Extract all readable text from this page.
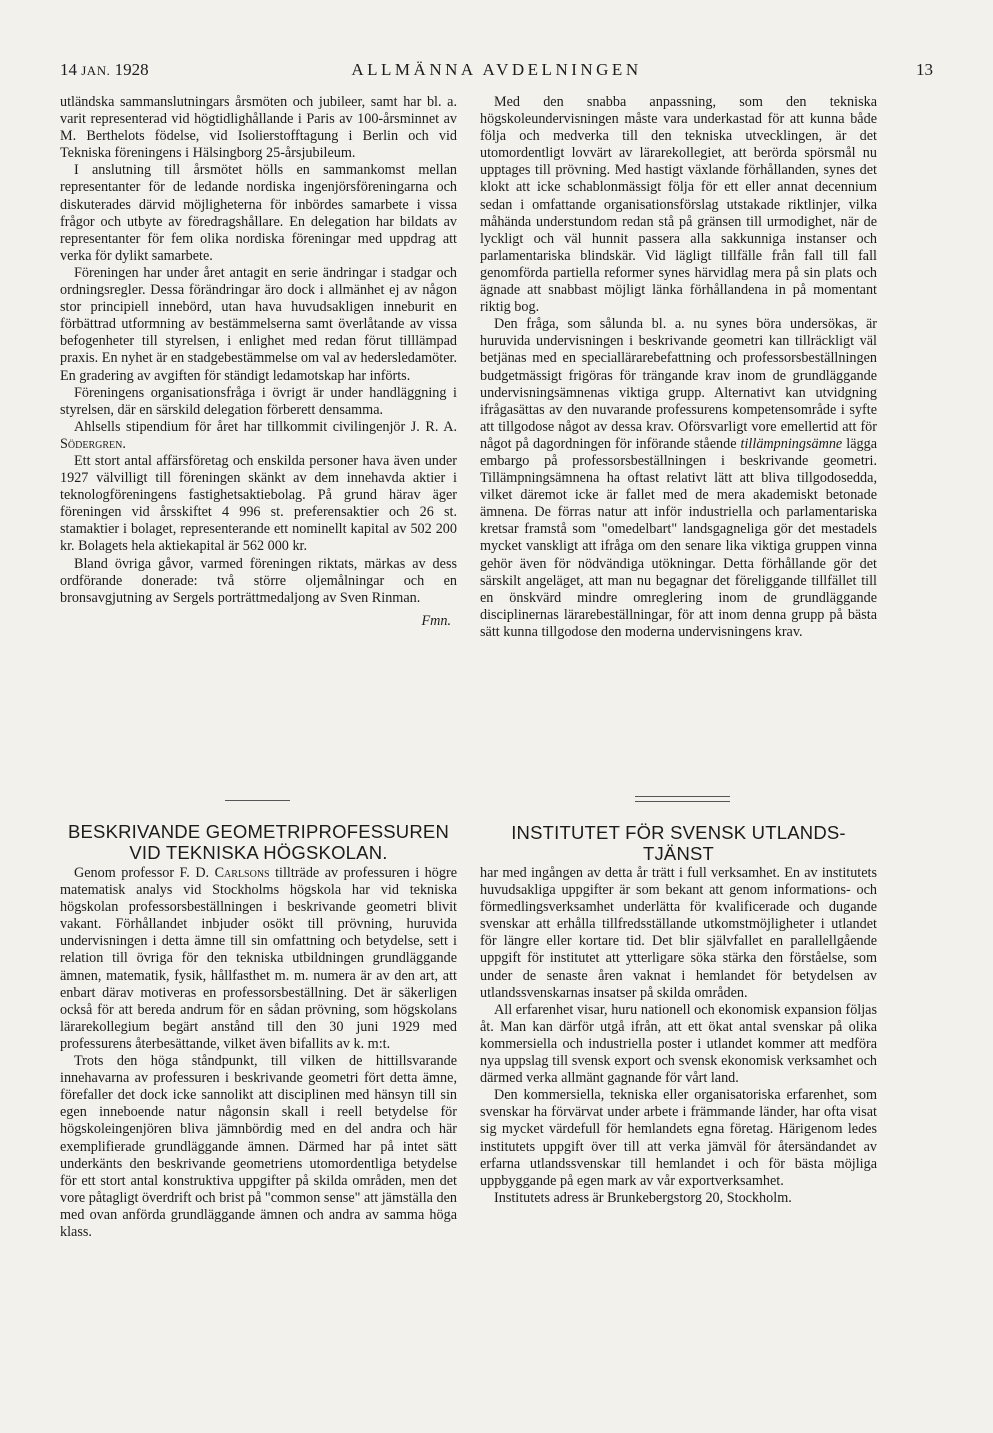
14 JAN. 1928	ALLMÄNNA AVDELNINGEN	13

utländska sammanslutningars årsmöten och jubileer, samt har bl. a. varit representerad vid högtidlighållande i Paris av 100-årsminnet av M. Berthelots födelse, vid Isolierstofftagung i Berlin och vid Tekniska föreningens i Hälsingborg 25-årsjubileum.

I anslutning till årsmötet hölls en sammankomst mellan representanter för de ledande nordiska ingenjörsföreningarna och diskuterades därvid möjligheterna för inbördes samarbete i vissa frågor och utbyte av föredragshållare. En delegation har bildats av representanter för fem olika nordiska föreningar med uppdrag att verka för dylikt samarbete.

Föreningen har under året antagit en serie ändringar i stadgar och ordningsregler. Dessa förändringar äro dock i allmänhet ej av någon stor principiell innebörd, utan hava huvudsakligen inneburit en förbättrad utformning av bestämmelserna samt överlåtande av vissa befogenheter till styrelsen, i enlighet med redan förut tilllämpad praxis. En nyhet är en stadgebestämmelse om val av hedersledamöter. En gradering av avgiften för ständigt ledamotskap har införts.

Föreningens organisationsfråga i övrigt är under handläggning i styrelsen, där en särskild delegation förberett densamma.

Ahlsells stipendium för året har tillkommit civilingenjör J. R. A. Södergren.

Ett stort antal affärsföretag och enskilda personer hava även under 1927 välvilligt till föreningen skänkt av dem innehavda aktier i teknologföreningens fastighetsaktiebolag. På grund härav äger föreningen vid årsskiftet 4 996 st. preferensaktier och 26 st. stamaktier i bolaget, representerande ett nominellt kapital av 502 200 kr. Bolagets hela aktiekapital är 562 000 kr.

Bland övriga gåvor, varmed föreningen riktats, märkas av dess ordförande donerade: två större oljemålningar och en bronsavgjutning av Sergels porträttmedaljong av Sven Rinman.

Fmn.

Med den snabba anpassning, som den tekniska högskoleundervisningen måste vara underkastad för att kunna både följa och medverka till den tekniska utvecklingen, är det utomordentligt lovvärt av lärarekollegiet, att berörda spörsmål nu upptages till prövning. Med hastigt växlande förhållanden, synes det klokt att icke schablonmässigt följa för ett eller annat decennium sedan i omfattande organisationsförslag utstakade riktlinjer, vilka måhända understundom redan stå på gränsen till urmodighet, när de lyckligt och väl hunnit passera alla sakkunniga instanser och parlamentariska blindskär. Vid lägligt tillfälle från fall till fall genomförda partiella reformer synes härvidlag mera på sin plats och ägnade att snabbast möjligt länka förhållandena in på momentant riktig bog.

Den fråga, som sålunda bl. a. nu synes böra undersökas, är huruvida undervisningen i beskrivande geometri kan tillräckligt väl betjänas med en speciallärarebefattning och professorsbeställningen budgetmässigt frigöras för trängande krav inom de grundläggande undervisningsämnenas viktiga grupp. Alternativt kan utvidgning ifrågasättas av den nuvarande professurens kompetensområde i syfte att tillgodose något av dessa krav. Oförsvarligt vore emellertid att för något på dagordningen för införande stående tillämpningsämne lägga embargo på professorsbeställningen i beskrivande geometri. Tillämpningsämnena ha oftast relativt lätt att bliva tillgodosedda, vilket däremot icke är fallet med de mera akademiskt betonade ämnena. De förras natur att inför industriella och parlamentariska kretsar framstå som "omedelbart" landsgagneliga gör det mestadels mycket vanskligt att ifråga om den senare lika viktiga gruppen vinna gehör även för nödvändiga utökningar. Detta förhållande gör det särskilt angeläget, att man nu begagnar det föreliggande tillfället till en önskvärd mindre omreglering inom de grundläggande disciplinernas lärarebeställningar, för att inom denna grupp på bästa sätt kunna tillgodose den moderna undervisningens krav.

BESKRIVANDE GEOMETRIPROFESSUREN
VID TEKNISKA HÖGSKOLAN.
INSTITUTET FÖR SVENSK UTLANDS-
TJÄNST

Genom professor F. D. Carlsons tillträde av professuren i högre matematisk analys vid Stockholms högskola har vid tekniska högskolan professorsbeställningen i beskrivande geometri blivit vakant. Förhållandet inbjuder osökt till prövning, huruvida undervisningen i detta ämne till sin omfattning och betydelse, sett i relation till övriga för den tekniska utbildningen grundläggande ämnen, matematik, fysik, hållfasthet m. m. numera är av den art, att enbart därav motiveras en professorsbeställning. Det är säkerligen också för att bereda andrum för en sådan prövning, som högskolans lärarekollegium begärt anstånd till den 30 juni 1929 med professurens återbesättande, vilket även bifallits av k. m:t.

Trots den höga ståndpunkt, till vilken de hittillsvarande innehavarna av professuren i beskrivande geometri fört detta ämne, förefaller det dock icke sannolikt att disciplinen med hänsyn till sin egen inneboende natur någonsin skall i reell betydelse för högskoleingenjören bliva jämnbördig med en del andra och här exemplifierade grundläggande ämnen. Därmed har på intet sätt underkänts den beskrivande geometriens utomordentliga betydelse för ett stort antal konstruktiva uppgifter på skilda områden, men det vore påtagligt överdrift och brist på "common sense" att jämställa den med ovan anförda grundläggande ämnen och andra av samma höga klass.

har med ingången av detta år trätt i full verksamhet. En av institutets huvudsakliga uppgifter är som bekant att genom informations- och förmedlingsverksamhet underlätta för kvalificerade och dugande svenskar att erhålla tillfredsställande utkomstmöjligheter i utlandet för längre eller kortare tid. Det blir självfallet en parallellgående uppgift för institutet att ytterligare söka stärka den förståelse, som under de senaste åren vaknat i hemlandet för betydelsen av utlandssvenskarnas insatser på skilda områden.

All erfarenhet visar, huru nationell och ekonomisk expansion följas åt. Man kan därför utgå ifrån, att ett ökat antal svenskar på olika kommersiella och industriella poster i utlandet kommer att medföra nya uppslag till svensk export och svensk ekonomisk verksamhet och därmed verka allmänt gagnande för vårt land.

Den kommersiella, tekniska eller organisatoriska erfarenhet, som svenskar ha förvärvat under arbete i främmande länder, har ofta visat sig mycket värdefull för hemlandets egna företag. Härigenom ledes institutets uppgift över till att verka jämväl för återsändandet av erfarna utlandssvenskar till hemlandet i och för bästa möjliga uppbyggande på egen mark av vår exportverksamhet.

Institutets adress är Brunkebergstorg 20, Stockholm.
